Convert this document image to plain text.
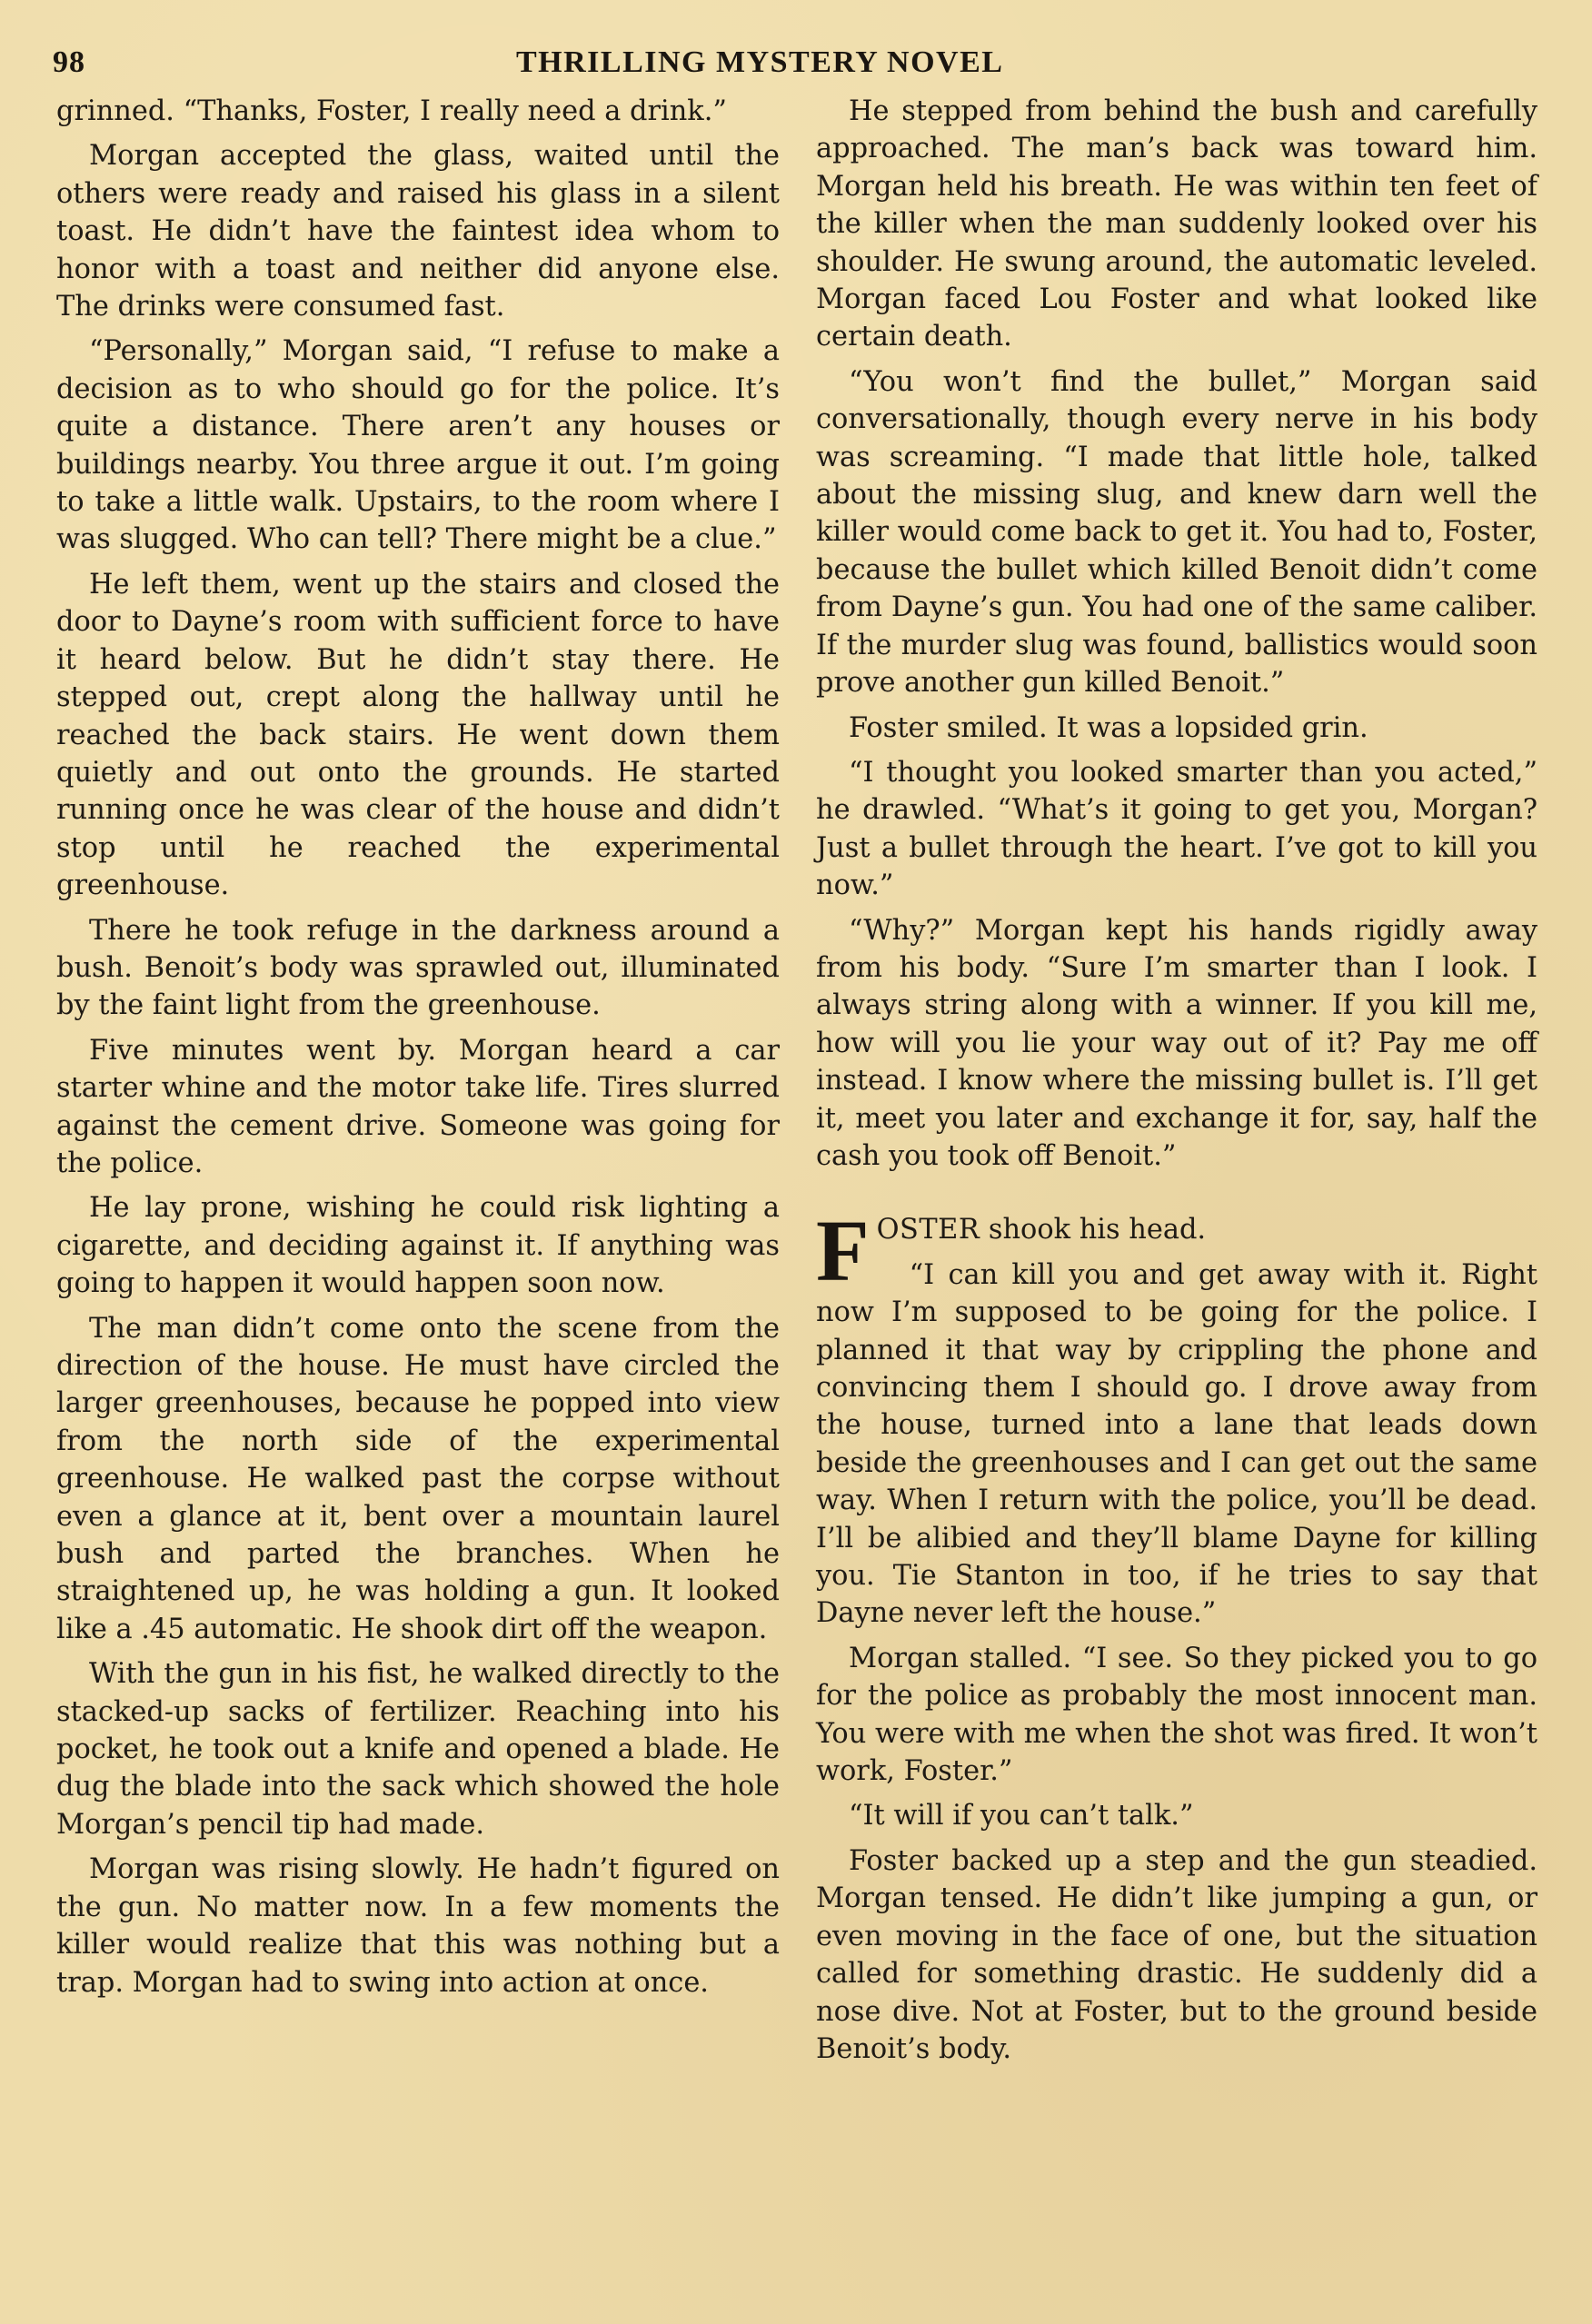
98	THRILLING MYSTERY NOVEL

grinned. “Thanks, Foster, I really need a drink.”

Morgan accepted the glass, waited until the others were ready and raised his glass in a silent toast. He didn’t have the faintest idea whom to honor with a toast and neither did anyone else. The drinks were consumed fast.

“Personally,” Morgan said, “I refuse to make a decision as to who should go for the police. It’s quite a distance. There aren’t any houses or buildings nearby. You three argue it out. I’m going to take a little walk. Upstairs, to the room where I was slugged. Who can tell? There might be a clue.”

He left them, went up the stairs and closed the door to Dayne’s room with sufficient force to have it heard below. But he didn’t stay there. He stepped out, crept along the hallway until he reached the back stairs. He went down them quietly and out onto the grounds. He started running once he was clear of the house and didn’t stop until he reached the experimental greenhouse.

There he took refuge in the darkness around a bush. Benoit’s body was sprawled out, illuminated by the faint light from the greenhouse.

Five minutes went by. Morgan heard a car starter whine and the motor take life. Tires slurred against the cement drive. Someone was going for the police.

He lay prone, wishing he could risk lighting a cigarette, and deciding against it. If anything was going to happen it would happen soon now.

The man didn’t come onto the scene from the direction of the house. He must have circled the larger greenhouses, because he popped into view from the north side of the experimental greenhouse. He walked past the corpse without even a glance at it, bent over a mountain laurel bush and parted the branches. When he straightened up, he was holding a gun. It looked like a .45 automatic. He shook dirt off the weapon.

With the gun in his fist, he walked directly to the stacked-up sacks of fertilizer. Reaching into his pocket, he took out a knife and opened a blade. He dug the blade into the sack which showed the hole Morgan’s pencil tip had made.

Morgan was rising slowly. He hadn’t figured on the gun. No matter now. In a few moments the killer would realize that this was nothing but a trap. Morgan had to swing into action at once.

He stepped from behind the bush and carefully approached. The man’s back was toward him. Morgan held his breath. He was within ten feet of the killer when the man suddenly looked over his shoulder. He swung around, the automatic leveled. Morgan faced Lou Foster and what looked like certain death.

“You won’t find the bullet,” Morgan said conversationally, though every nerve in his body was screaming. “I made that little hole, talked about the missing slug, and knew darn well the killer would come back to get it. You had to, Foster, because the bullet which killed Benoit didn’t come from Dayne’s gun. You had one of the same caliber. If the murder slug was found, ballistics would soon prove another gun killed Benoit.”

Foster smiled. It was a lopsided grin.

“I thought you looked smarter than you acted,” he drawled. “What’s it going to get you, Morgan? Just a bullet through the heart. I’ve got to kill you now.”

“Why?” Morgan kept his hands rigidly away from his body. “Sure I’m smarter than I look. I always string along with a winner. If you kill me, how will you lie your way out of it? Pay me off instead. I know where the missing bullet is. I’ll get it, meet you later and exchange it for, say, half the cash you took off Benoit.”

FOSTER shook his head.

“I can kill you and get away with it. Right now I’m supposed to be going for the police. I planned it that way by crippling the phone and convincing them I should go. I drove away from the house, turned into a lane that leads down beside the greenhouses and I can get out the same way. When I return with the police, you’ll be dead. I’ll be alibied and they’ll blame Dayne for killing you. Tie Stanton in too, if he tries to say that Dayne never left the house.”

Morgan stalled. “I see. So they picked you to go for the police as probably the most innocent man. You were with me when the shot was fired. It won’t work, Foster.”

“It will if you can’t talk.”

Foster backed up a step and the gun steadied. Morgan tensed. He didn’t like jumping a gun, or even moving in the face of one, but the situation called for something drastic. He suddenly did a nose dive. Not at Foster, but to the ground beside Benoit’s body.
